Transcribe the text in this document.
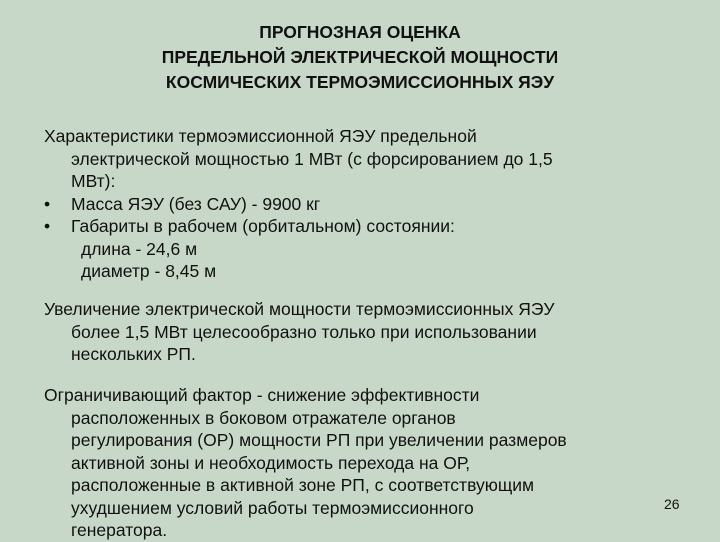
ПРОГНОЗНАЯ ОЦЕНКА
ПРЕДЕЛЬНОЙ ЭЛЕКТРИЧЕСКОЙ МОЩНОСТИ
КОСМИЧЕСКИХ ТЕРМОЭМИССИОННЫХ ЯЭУ
Характеристики термоэмиссионной ЯЭУ предельной
электрической мощностью 1 МВт (с форсированием до 1,5
МВт):
•	Масса ЯЭУ (без САУ) - 9900 кг
•	Габариты в рабочем (орбитальном) состоянии:
длина - 24,6 м
диаметр - 8,45 м
Увеличение электрической мощности термоэмиссионных ЯЭУ
более 1,5 МВт целесообразно только при использовании
нескольких РП.
Ограничивающий фактор - снижение эффективности
расположенных в боковом отражателе органов
регулирования (ОР) мощности РП при увеличении размеров
активной зоны и необходимость перехода на ОР,
расположенные в активной зоне РП, с соответствующим
ухудшением условий работы термоэмиссионного
генератора.
26
